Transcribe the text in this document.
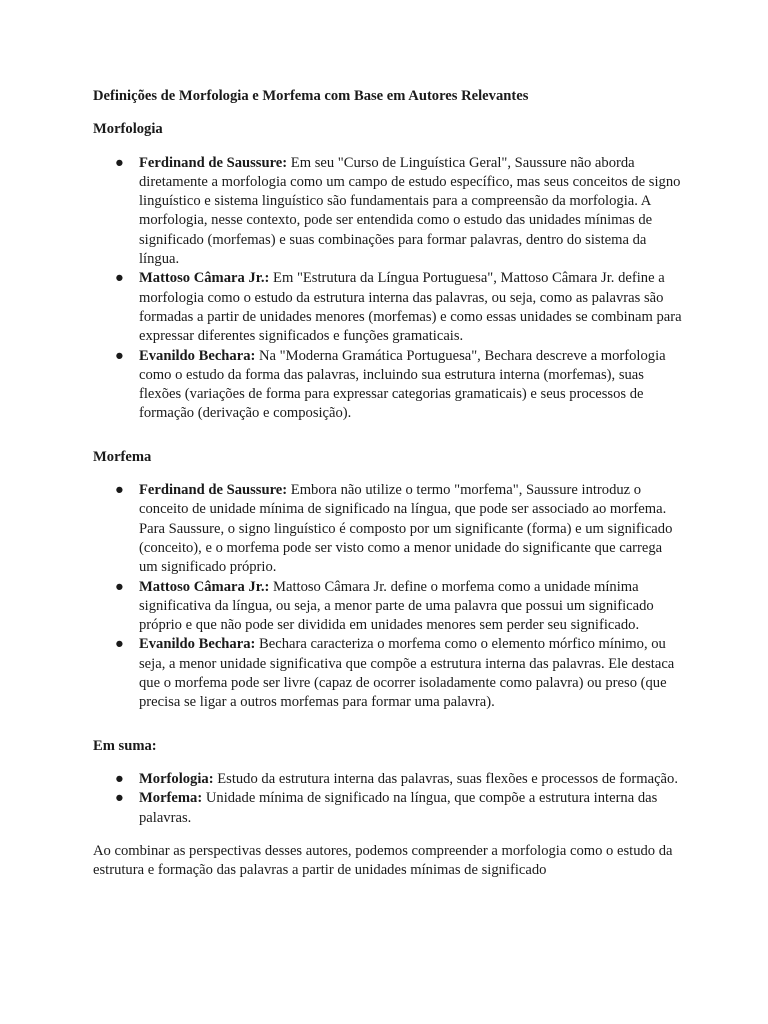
Definições de Morfologia e Morfema com Base em Autores Relevantes
Morfologia
● Ferdinand de Saussure: Em seu "Curso de Linguística Geral", Saussure não aborda diretamente a morfologia como um campo de estudo específico, mas seus conceitos de signo linguístico e sistema linguístico são fundamentais para a compreensão da morfologia. A morfologia, nesse contexto, pode ser entendida como o estudo das unidades mínimas de significado (morfemas) e suas combinações para formar palavras, dentro do sistema da língua.
● Mattoso Câmara Jr.: Em "Estrutura da Língua Portuguesa", Mattoso Câmara Jr. define a morfologia como o estudo da estrutura interna das palavras, ou seja, como as palavras são formadas a partir de unidades menores (morfemas) e como essas unidades se combinam para expressar diferentes significados e funções gramaticais.
● Evanildo Bechara: Na "Moderna Gramática Portuguesa", Bechara descreve a morfologia como o estudo da forma das palavras, incluindo sua estrutura interna (morfemas), suas flexões (variações de forma para expressar categorias gramaticais) e seus processos de formação (derivação e composição).
Morfema
● Ferdinand de Saussure: Embora não utilize o termo "morfema", Saussure introduz o conceito de unidade mínima de significado na língua, que pode ser associado ao morfema. Para Saussure, o signo linguístico é composto por um significante (forma) e um significado (conceito), e o morfema pode ser visto como a menor unidade do significante que carrega um significado próprio.
● Mattoso Câmara Jr.: Mattoso Câmara Jr. define o morfema como a unidade mínima significativa da língua, ou seja, a menor parte de uma palavra que possui um significado próprio e que não pode ser dividida em unidades menores sem perder seu significado.
● Evanildo Bechara: Bechara caracteriza o morfema como o elemento mórfico mínimo, ou seja, a menor unidade significativa que compõe a estrutura interna das palavras. Ele destaca que o morfema pode ser livre (capaz de ocorrer isoladamente como palavra) ou preso (que precisa se ligar a outros morfemas para formar uma palavra).
Em suma:
● Morfologia: Estudo da estrutura interna das palavras, suas flexões e processos de formação.
● Morfema: Unidade mínima de significado na língua, que compõe a estrutura interna das palavras.

Ao combinar as perspectivas desses autores, podemos compreender a morfologia como o estudo da estrutura e formação das palavras a partir de unidades mínimas de significado
